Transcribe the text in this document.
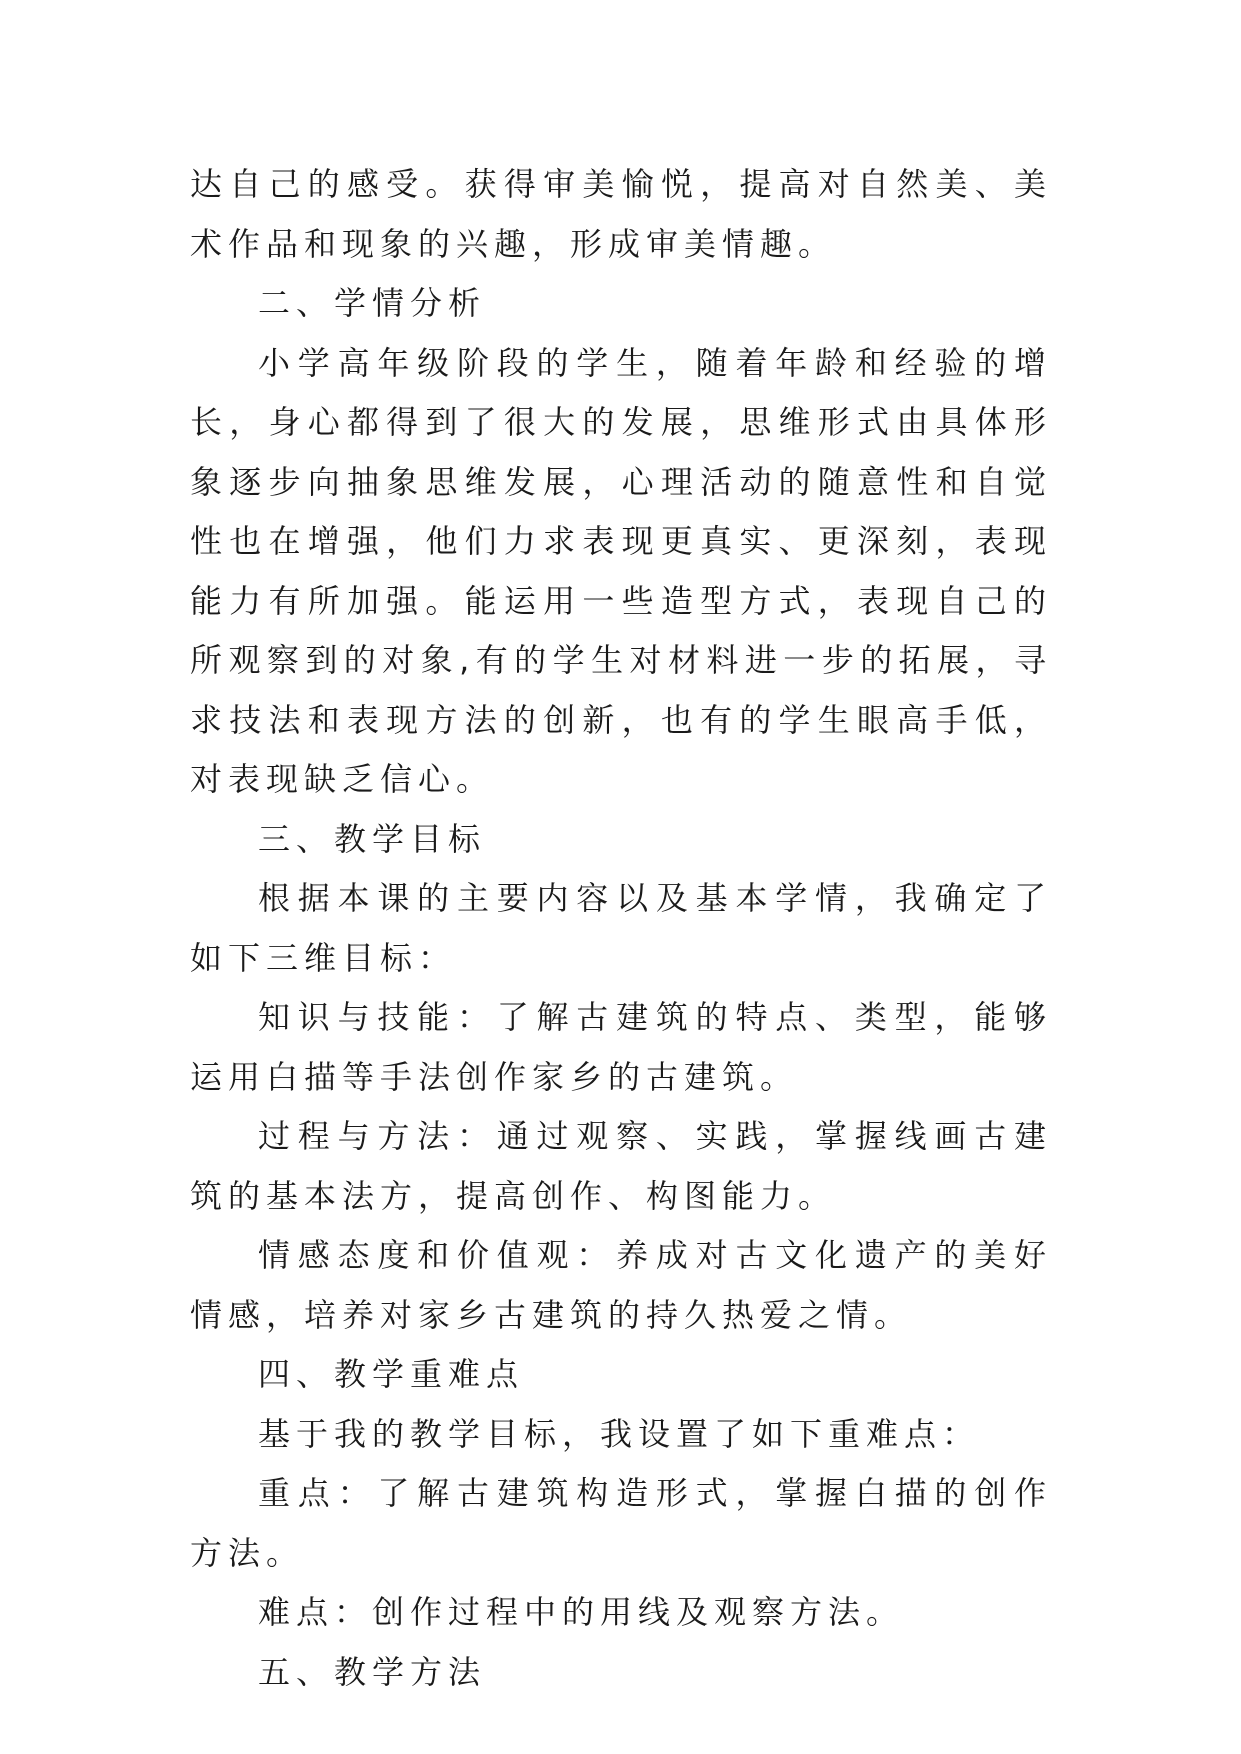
达自己的感受。获得审美愉悦，提高对自然美、美术作品和现象的兴趣，形成审美情趣。

二、学情分析

小学高年级阶段的学生，随着年龄和经验的增长，身心都得到了很大的发展，思维形式由具体形象逐步向抽象思维发展，心理活动的随意性和自觉性也在增强，他们力求表现更真实、更深刻，表现能力有所加强。能运用一些造型方式，表现自己的所观察到的对象,有的学生对材料进一步的拓展，寻求技法和表现方法的创新，也有的学生眼高手低，对表现缺乏信心。

三、教学目标

根据本课的主要内容以及基本学情，我确定了如下三维目标：

知识与技能：了解古建筑的特点、类型，能够运用白描等手法创作家乡的古建筑。

过程与方法：通过观察、实践，掌握线画古建筑的基本法方，提高创作、构图能力。

情感态度和价值观：养成对古文化遗产的美好情感，培养对家乡古建筑的持久热爱之情。

四、教学重难点

基于我的教学目标，我设置了如下重难点：

重点：了解古建筑构造形式，掌握白描的创作方法。

难点：创作过程中的用线及观察方法。

五、教学方法
